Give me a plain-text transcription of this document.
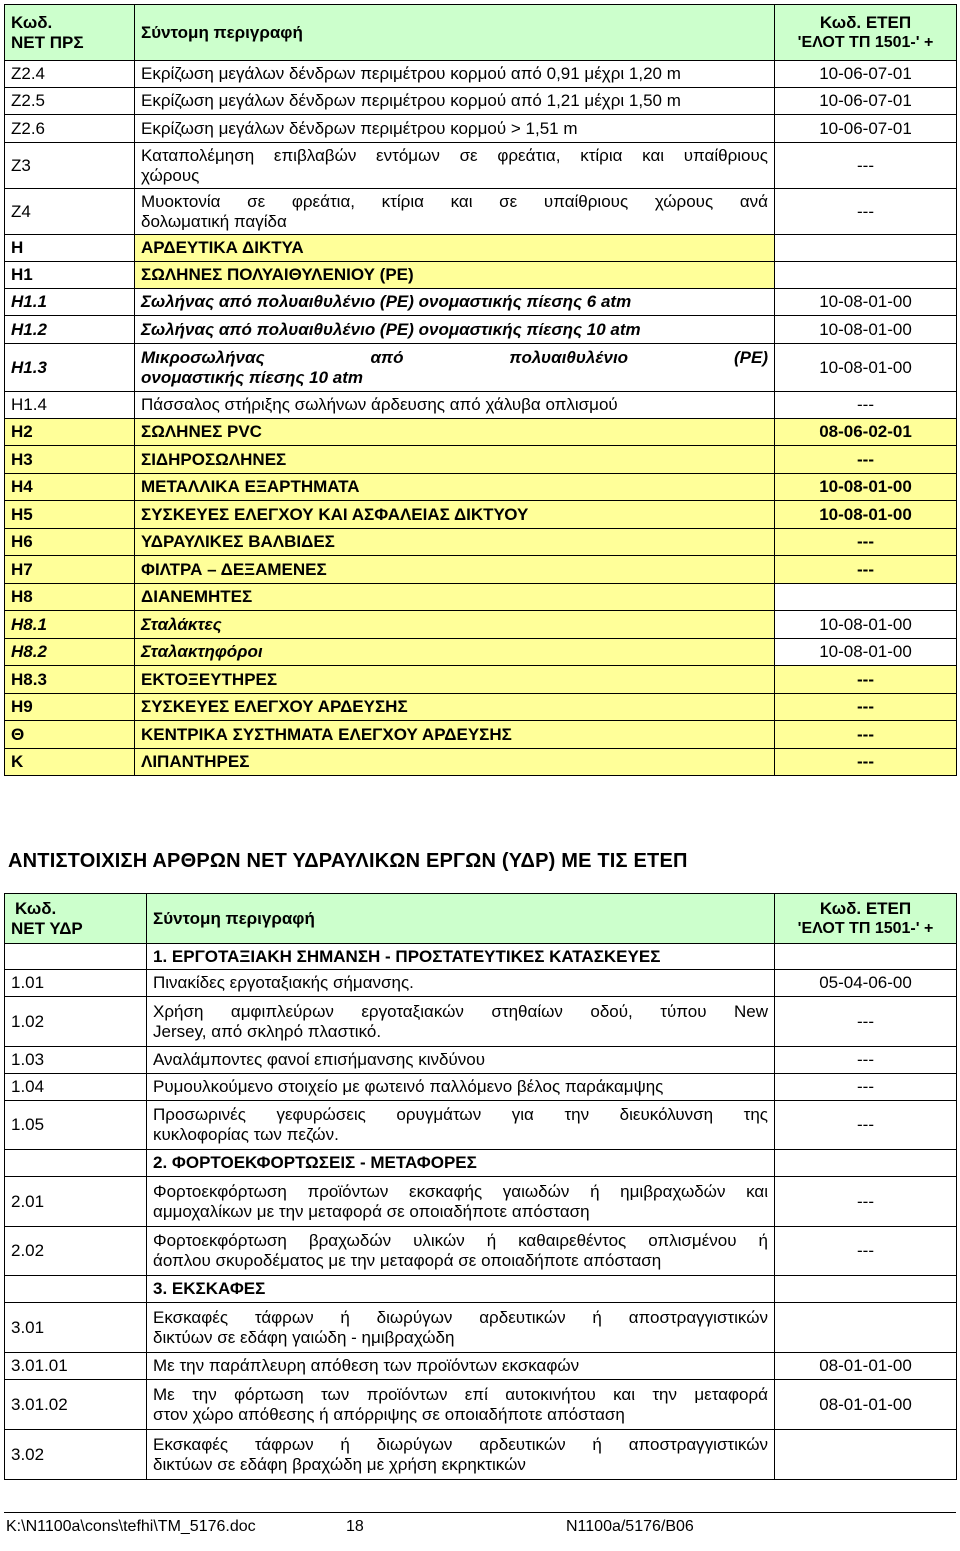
Κωδ.
ΝΕΤ ΠΡΣ	Σύντομη περιγραφή	Κωδ. ΕΤΕΠ
'ΕΛΟΤ ΤΠ 1501-' +

Ζ2.4	Εκρίζωση μεγάλων δένδρων περιμέτρου κορμού από 0,91 μέχρι 1,20 m	10-06-07-01
Ζ2.5	Εκρίζωση μεγάλων δένδρων περιμέτρου κορμού από 1,21 μέχρι 1,50 m	10-06-07-01
Ζ2.6	Εκρίζωση μεγάλων δένδρων περιμέτρου κορμού > 1,51 m	10-06-07-01
Ζ3	Καταπολέμηση επιβλαβών εντόμων σε φρεάτια, κτίρια και υπαίθριους
χώρους	---
Ζ4	Μυοκτονία σε φρεάτια, κτίρια και σε υπαίθριους χώρους ανά
δολωματική παγίδα	---
Η	ΑΡΔΕΥΤΙΚΑ ΔΙΚΤΥΑ	
Η1	ΣΩΛΗΝΕΣ ΠΟΛΥΑΙΘΥΛΕΝΙΟΥ (PE)	
Η1.1	Σωλήνας από πολυαιθυλένιο (PE) ονομαστικής πίεσης 6 atm	10-08-01-00
Η1.2	Σωλήνας από πολυαιθυλένιο (PE) ονομαστικής πίεσης 10 atm	10-08-01-00
Η1.3	Μικροσωλήνας από πολυαιθυλένιο (PE)
ονομαστικής πίεσης 10 atm	10-08-01-00
Η1.4	Πάσσαλος στήριξης σωλήνων άρδευσης από χάλυβα οπλισμού	---
Η2	ΣΩΛΗΝΕΣ PVC	08-06-02-01
Η3	ΣΙΔΗΡΟΣΩΛΗΝΕΣ	---
Η4	ΜΕΤΑΛΛΙΚΑ ΕΞΑΡΤΗΜΑΤΑ	10-08-01-00
Η5	ΣΥΣΚΕΥΕΣ ΕΛΕΓΧΟΥ ΚΑΙ ΑΣΦΑΛΕΙΑΣ ΔΙΚΤΥΟΥ	10-08-01-00
Η6	ΥΔΡΑΥΛΙΚΕΣ ΒΑΛΒΙΔΕΣ	---
Η7	ΦΙΛΤΡΑ – ΔΕΞΑΜΕΝΕΣ	---
Η8	ΔΙΑΝΕΜΗΤΕΣ	
Η8.1	Σταλάκτες	10-08-01-00
Η8.2	Σταλακτηφόροι	10-08-01-00
Η8.3	ΕΚΤΟΞΕΥΤΗΡΕΣ	---
Η9	ΣΥΣΚΕΥΕΣ ΕΛΕΓΧΟΥ ΑΡΔΕΥΣΗΣ	---
Θ	ΚΕΝΤΡΙΚΑ ΣΥΣΤΗΜΑΤΑ ΕΛΕΓΧΟΥ ΑΡΔΕΥΣΗΣ	---
Κ	ΛΙΠΑΝΤΗΡΕΣ	---
ΑΝΤΙΣΤΟΙΧΙΣΗ ΑΡΘΡΩΝ ΝΕΤ ΥΔΡΑΥΛΙΚΩΝ ΕΡΓΩΝ (ΥΔΡ) ΜΕ ΤΙΣ ΕΤΕΠ
Κωδ.
ΝΕΤ ΥΔΡ	Σύντομη περιγραφή	Κωδ. ΕΤΕΠ
'ΕΛΟΤ ΤΠ 1501-' +

	1. ΕΡΓΟΤΑΞΙΑΚΗ ΣΗΜΑΝΣΗ - ΠΡΟΣΤΑΤΕΥΤΙΚΕΣ ΚΑΤΑΣΚΕΥΕΣ	
1.01	Πινακίδες εργοταξιακής σήμανσης.	05-04-06-00
1.02	Χρήση αμφιπλεύρων εργοταξιακών στηθαίων οδού, τύπου New
Jersey, από σκληρό πλαστικό.	---
1.03	Αναλάμποντες φανοί επισήμανσης κινδύνου	---
1.04	Ρυμουλκούμενο στοιχείο με φωτεινό παλλόμενο βέλος παράκαμψης	---
1.05	Προσωρινές γεφυρώσεις ορυγμάτων για την διευκόλυνση της
κυκλοφορίας των πεζών.	---
	2. ΦΟΡΤΟΕΚΦΟΡΤΩΣΕΙΣ - ΜΕΤΑΦΟΡΕΣ	
2.01	Φορτοεκφόρτωση προϊόντων εκσκαφής γαιωδών ή ημιβραχωδών και
αμμοχαλίκων με την μεταφορά σε οποιαδήποτε απόσταση	---
2.02	Φορτοεκφόρτωση βραχωδών υλικών ή καθαιρεθέντος οπλισμένου ή
άοπλου σκυροδέματος με την μεταφορά σε οποιαδήποτε απόσταση	---
	3. ΕΚΣΚΑΦΕΣ	
3.01	Εκσκαφές τάφρων ή διωρύγων αρδευτικών ή αποστραγγιστικών
δικτύων σε εδάφη γαιώδη - ημιβραχώδη	

3.01.01	Με την παράπλευρη απόθεση των προϊόντων εκσκαφών	08-01-01-00
3.01.02	Με την φόρτωση των προϊόντων επί αυτοκινήτου και την μεταφορά
στον χώρο απόθεσης ή απόρριψης σε οποιαδήποτε απόσταση	08-01-01-00
3.02	Εκσκαφές τάφρων ή διωρύγων αρδευτικών ή αποστραγγιστικών
δικτύων σε εδάφη βραχώδη με χρήση εκρηκτικών	

K:\N1100a\cons\tefhi\TM_5176.doc	18	N1100a/5176/B06
